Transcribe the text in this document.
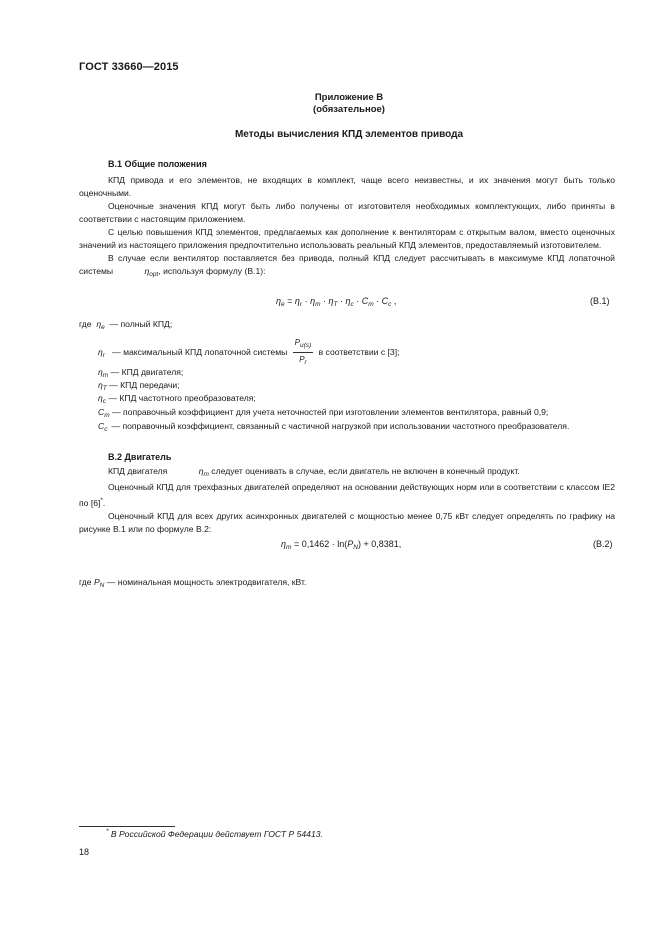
ГОСТ 33660—2015
Приложение В
(обязательное)
Методы вычисления КПД элементов привода
В.1 Общие положения

КПД привода и его элементов, не входящих в комплект, чаще всего неизвестны, и их значения могут быть только оценочными.

Оценочные значения КПД могут быть либо получены от изготовителя необходимых комплектующих, либо приняты в соответствии с настоящим приложением.

С целью повышения КПД элементов, предлагаемых как дополнение к вентиляторам с открытым валом, вместо оценочных значений из настоящего приложения предпочтительно использовать реальный КПД элементов, предоставляемый изготовителем.

В случае если вентилятор поставляется без привода, полный КПД следует рассчитывать в максимуме КПД лопаточной системы	$\eta_{opt}$, используя формулу (В.1):

$\eta_e = \eta_r \cdot \eta_m \cdot \eta_T \cdot \eta_c \cdot C_m \cdot C_c$ ,	(В.1)
где $\eta_e$ — полный КПД;
$\eta_r$ — максимальный КПД лопаточной системы $\frac{P_{u(s)}}{P_r}$ в соответствии с [3];
$\eta_m$ — КПД двигателя;
$\eta_T$ — КПД передачи;
$\eta_c$ — КПД частотного преобразователя;
$C_m$ — поправочный коэффициент для учета неточностей при изготовлении элементов вентилятора, равный 0,9;
$C_c$ — поправочный коэффициент, связанный с частичной нагрузкой при использовании частотного преобразователя.
В.2 Двигатель

КПД двигателя	$\eta_m$ следует оценивать в случае, если двигатель не включен в конечный продукт.

Оценочный КПД для трехфазных двигателей определяют на основании действующих норм или в соответствии с классом IE2 по [6]*.

Оценочный КПД для всех других асинхронных двигателей с мощностью менее 0,75 кВт следует определять по графику на рисунке В.1 или по формуле В.2:

$\eta_m = 0,1462 \cdot \ln(P_N) + 0,8381$,	(В.2)
где $P_N$ — номинальная мощность электродвигателя, кВт.
* В Российской Федерации действует ГОСТ Р 54413.
18
